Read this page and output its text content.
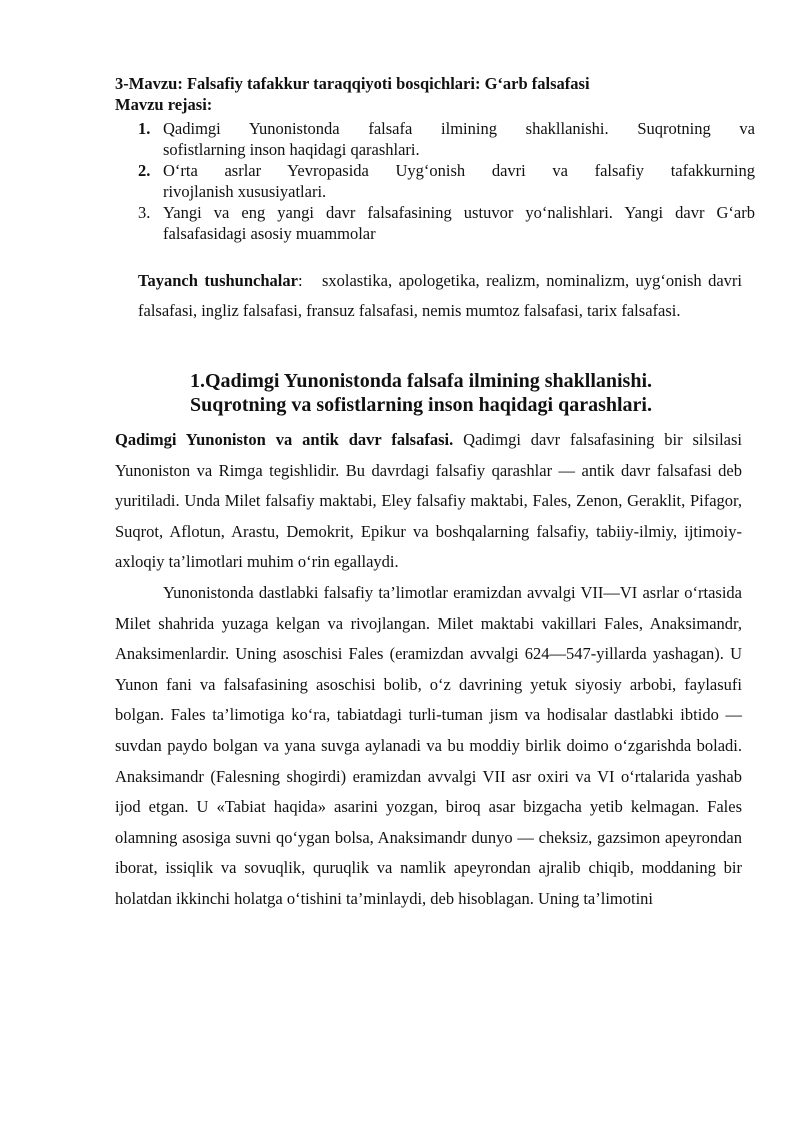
3-Mavzu: Falsafiy tafakkur taraqqiyoti bosqichlari: G‘arb falsafasi
Mavzu rejasi:
1. Qadimgi Yunonistonda falsafa ilmining shakllanishi. Suqrotning va
sofistlarning inson haqidagi qarashlari.
2. O‘rta asrlar Yevropasida Uyg‘onish davri va falsafiy tafakkurning
rivojlanish xususiyatlari.
3. Yangi va eng yangi davr falsafasining ustuvor yo‘nalishlari. Yangi davr G‘arb
falsafasidagi asosiy muammolar

Tayanch tushunchalar: sxolastika, apologetika, realizm, nominalizm, uyg‘onish davri falsafasi, ingliz falsafasi, fransuz falsafasi, nemis mumtoz falsafasi, tarix falsafasi.

1.Qadimgi Yunonistonda falsafa ilmining shakllanishi.
Suqrotning va sofistlarning inson haqidagi qarashlari.

Qadimgi Yunoniston va antik davr falsafasi. Qadimgi davr falsafasining bir silsilasi Yunoniston va Rimga tegishlidir. Bu davrdagi falsafiy qarashlar — antik davr falsafasi deb yuritiladi. Unda Milet falsafiy maktabi, Eley falsafiy maktabi, Fales, Zenon, Geraklit, Pifagor, Suqrot, Aflotun, Arastu, Demokrit, Epikur va boshqalarning falsafiy, tabiiy-ilmiy, ijtimoiy-axloqiy ta’limotlari muhim o‘rin egallaydi.

Yunonistonda dastlabki falsafiy ta’limotlar eramizdan avvalgi VII—VI asrlar o‘rtasida Milet shahrida yuzaga kelgan va rivojlangan. Milet maktabi vakillari Fales, Anaksimandr, Anaksimenlardir. Uning asoschisi Fales (eramizdan avvalgi 624—547-yillarda yashagan). U Yunon fani va falsafasining asoschisi bolib, o‘z davrining yetuk siyosiy arbobi, faylasufi bolgan. Fales ta’limotiga ko‘ra, tabiatdagi turli-tuman jism va hodisalar dastlabki ibtido — suvdan paydo bolgan va yana suvga aylanadi va bu moddiy birlik doimo o‘zgarishda boladi. Anaksimandr (Falesning shogirdi) eramizdan avvalgi VII asr oxiri va VI o‘rtalarida yashab ijod etgan. U «Tabiat haqida» asarini yozgan, biroq asar bizgacha yetib kelmagan. Fales olamning asosiga suvni qo‘ygan bolsa, Anaksimandr dunyo — cheksiz, gazsimon apeyrondan iborat, issiqlik va sovuqlik, quruqlik va namlik apeyrondan ajralib chiqib, moddaning bir holatdan ikkinchi holatga o‘tishini ta’minlaydi, deb hisoblagan. Uning ta’limotini
